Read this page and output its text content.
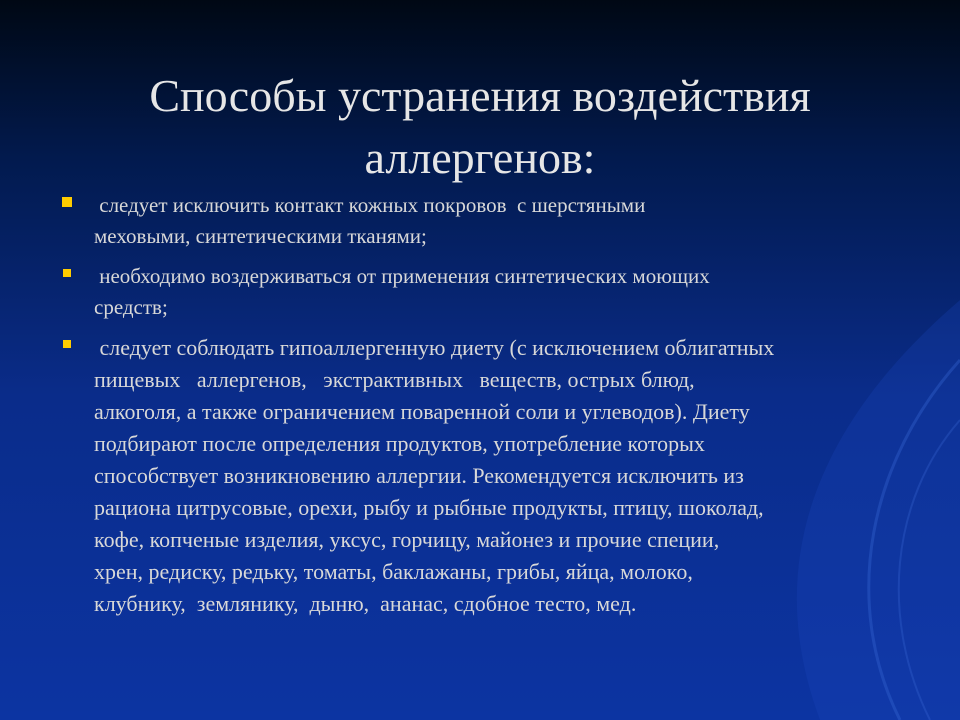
Способы устранения воздействия
аллергенов:
следует исключить контакт кожных покровов  с шерстяными
меховыми, синтетическими тканями;
необходимо воздерживаться от применения синтетических моющих
средств;
следует соблюдать гипоаллергенную диету (с исключением облигатных
пищевых   аллергенов,   экстрактивных   веществ, острых блюд,
алкоголя, а также ограничением поваренной соли и углеводов). Диету
подбирают после определения продуктов, употребление которых
способствует возникновению аллергии. Рекомендуется исключить из
рациона цитрусовые, орехи, рыбу и рыбные продукты, птицу, шоколад,
кофе, копченые изделия, уксус, горчицу, майонез и прочие специи,
хрен, редиску, редьку, томаты, баклажаны, грибы, яйца, молоко,
клубнику,  землянику,  дыню,  ананас, сдобное тесто, мед.
